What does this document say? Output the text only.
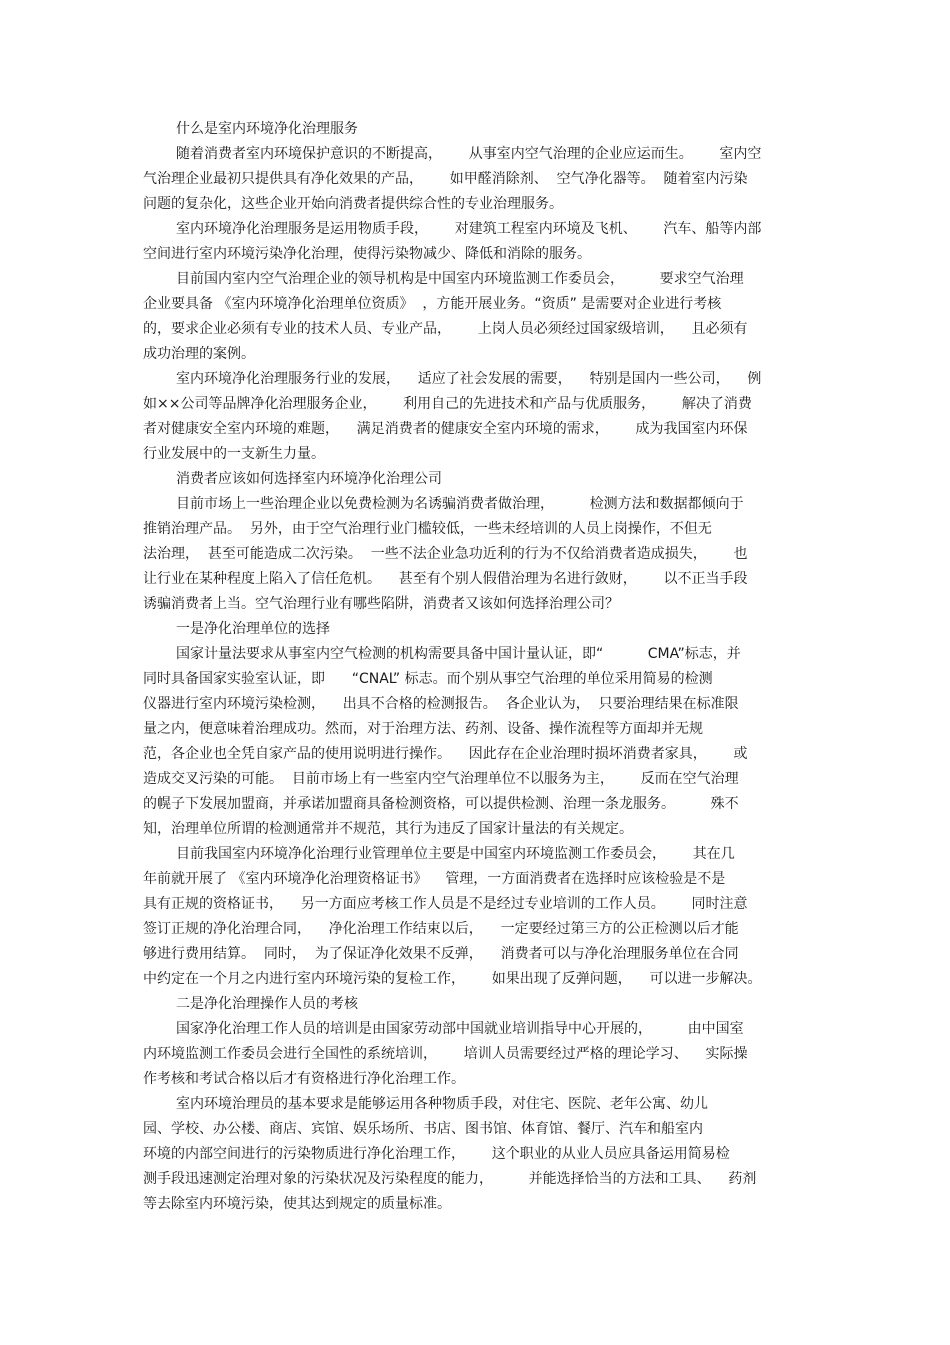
什么是室内环境净化治理服务
随着消费者室内环境保护意识的不断提高，      从事室内空气治理的企业应运而生。      室内空
气治理企业最初只提供具有净化效果的产品，      如甲醛消除剂、  空气净化器等。  随着室内污染
问题的复杂化，这些企业开始向消费者提供综合性的专业治理服务。
室内环境净化治理服务是运用物质手段，      对建筑工程室内环境及飞机、      汽车、船等内部
空间进行室内环境污染净化治理，使得污染物减少、降低和消除的服务。
目前国内室内空气治理企业的领导机构是中国室内环境监测工作委员会，        要求空气治理
企业要具备 《室内环境净化治理单位资质》  ，方能开展业务。“资质” 是需要对企业进行考核
的，要求企业必须有专业的技术人员、专业产品，      上岗人员必须经过国家级培训，    且必须有
成功治理的案例。
室内环境净化治理服务行业的发展，    适应了社会发展的需要，    特别是国内一些公司，    例
如××公司等品牌净化治理服务企业，      利用自己的先进技术和产品与优质服务，      解决了消费
者对健康安全室内环境的难题，    满足消费者的健康安全室内环境的需求，      成为我国室内环保
行业发展中的一支新生力量。
消费者应该如何选择室内环境净化治理公司
目前市场上一些治理企业以免费检测为名诱骗消费者做治理，        检测方法和数据都倾向于
推销治理产品。  另外，由于空气治理行业门槛较低，一些未经培训的人员上岗操作，不但无
法治理，  甚至可能造成二次污染。  一些不法企业急功近利的行为不仅给消费者造成损失，      也
让行业在某种程度上陷入了信任危机。    甚至有个别人假借治理为名进行敛财，      以不正当手段
诱骗消费者上当。空气治理行业有哪些陷阱，消费者又该如何选择治理公司？
一是净化治理单位的选择
国家计量法要求从事室内空气检测的机构需要具备中国计量认证，即“          CMA”标志，并
同时具备国家实验室认证，即      “CNAL” 标志。而个别从事空气治理的单位采用简易的检测
仪器进行室内环境污染检测，    出具不合格的检测报告。  各企业认为，  只要治理结果在标准限
量之内，便意味着治理成功。然而，对于治理方法、药剂、设备、操作流程等方面却并无规
范，各企业也全凭自家产品的使用说明进行操作。    因此存在企业治理时损坏消费者家具，      或
造成交叉污染的可能。  目前市场上有一些室内空气治理单位不以服务为主，      反而在空气治理
的幌子下发展加盟商，并承诺加盟商具备检测资格，可以提供检测、治理一条龙服务。        殊不
知，治理单位所谓的检测通常并不规范，其行为违反了国家计量法的有关规定。
目前我国室内环境净化治理行业管理单位主要是中国室内环境监测工作委员会，      其在几
年前就开展了 《室内环境净化治理资格证书》    管理，一方面消费者在选择时应该检验是不是
具有正规的资格证书，    另一方面应考核工作人员是不是经过专业培训的工作人员。      同时注意
签订正规的净化治理合同，    净化治理工作结束以后，    一定要经过第三方的公正检测以后才能
够进行费用结算。  同时，  为了保证净化效果不反弹，    消费者可以与净化治理服务单位在合同
中约定在一个月之内进行室内环境污染的复检工作，      如果出现了反弹问题，    可以进一步解决。
二是净化治理操作人员的考核
国家净化治理工作人员的培训是由国家劳动部中国就业培训指导中心开展的，        由中国室
内环境监测工作委员会进行全国性的系统培训，      培训人员需要经过严格的理论学习、    实际操
作考核和考试合格以后才有资格进行净化治理工作。
室内环境治理员的基本要求是能够运用各种物质手段，对住宅、医院、老年公寓、幼儿
园、学校、办公楼、商店、宾馆、娱乐场所、书店、图书馆、体育馆、餐厅、汽车和船室内
环境的内部空间进行的污染物质进行净化治理工作，      这个职业的从业人员应具备运用简易检
测手段迅速测定治理对象的污染状况及污染程度的能力，        并能选择恰当的方法和工具、    药剂
等去除室内环境污染，使其达到规定的质量标准。
